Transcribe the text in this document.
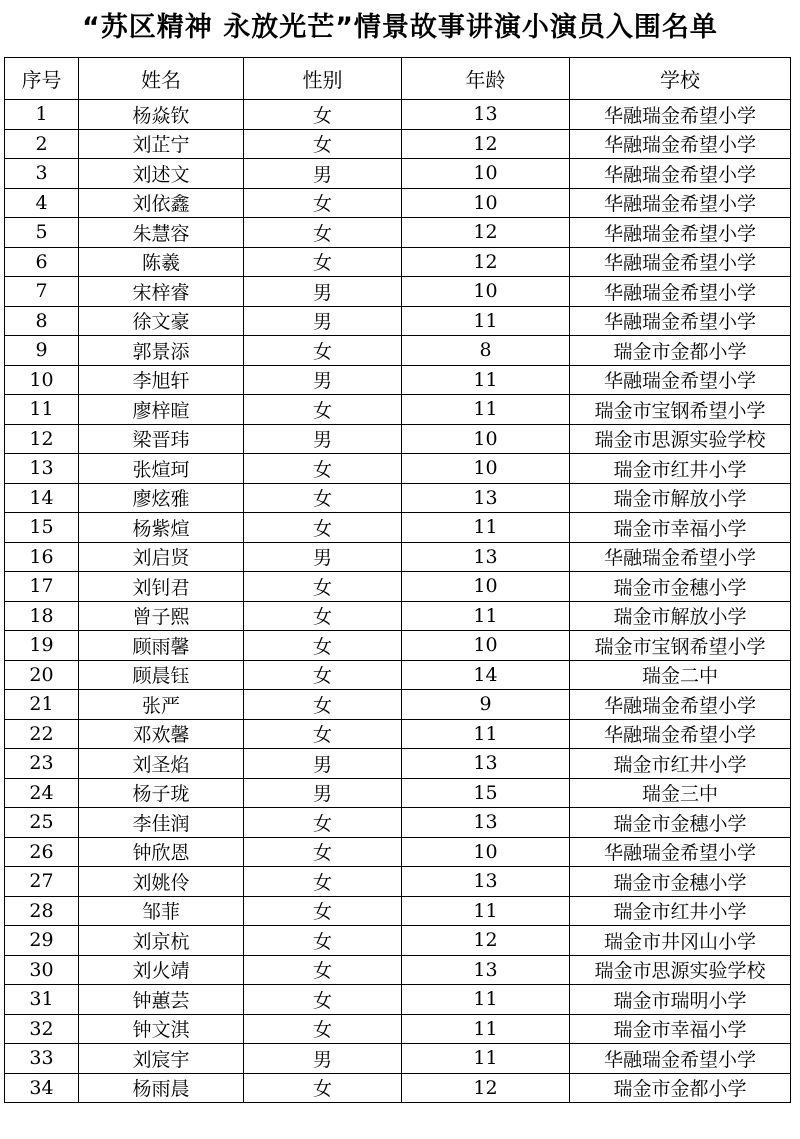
“苏区精神 永放光芒”情景故事讲演小演员入围名单
序号	姓名	性别	年龄	学校
1	杨焱钦	女	13	华融瑞金希望小学
2	刘芷宁	女	12	华融瑞金希望小学
3	刘述文	男	10	华融瑞金希望小学
4	刘依鑫	女	10	华融瑞金希望小学
5	朱慧容	女	12	华融瑞金希望小学
6	陈羲	女	12	华融瑞金希望小学
7	宋梓睿	男	10	华融瑞金希望小学
8	徐文豪	男	11	华融瑞金希望小学
9	郭景添	女	8	瑞金市金都小学
10	李旭轩	男	11	华融瑞金希望小学
11	廖梓暄	女	11	瑞金市宝钢希望小学
12	梁晋玮	男	10	瑞金市思源实验学校
13	张煊珂	女	10	瑞金市红井小学
14	廖炫雅	女	13	瑞金市解放小学
15	杨紫煊	女	11	瑞金市幸福小学
16	刘启贤	男	13	华融瑞金希望小学
17	刘钊君	女	10	瑞金市金穗小学
18	曾子熙	女	11	瑞金市解放小学
19	顾雨馨	女	10	瑞金市宝钢希望小学
20	顾晨钰	女	14	瑞金二中
21	张严	女	9	华融瑞金希望小学
22	邓欢馨	女	11	华融瑞金希望小学
23	刘圣焰	男	13	瑞金市红井小学
24	杨子珑	男	15	瑞金三中
25	李佳润	女	13	瑞金市金穗小学
26	钟欣恩	女	10	华融瑞金希望小学
27	刘姚伶	女	13	瑞金市金穗小学
28	邹菲	女	11	瑞金市红井小学
29	刘京杭	女	12	瑞金市井冈山小学
30	刘火靖	女	13	瑞金市思源实验学校
31	钟蕙芸	女	11	瑞金市瑞明小学
32	钟文淇	女	11	瑞金市幸福小学
33	刘宸宇	男	11	华融瑞金希望小学
34	杨雨晨	女	12	瑞金市金都小学
